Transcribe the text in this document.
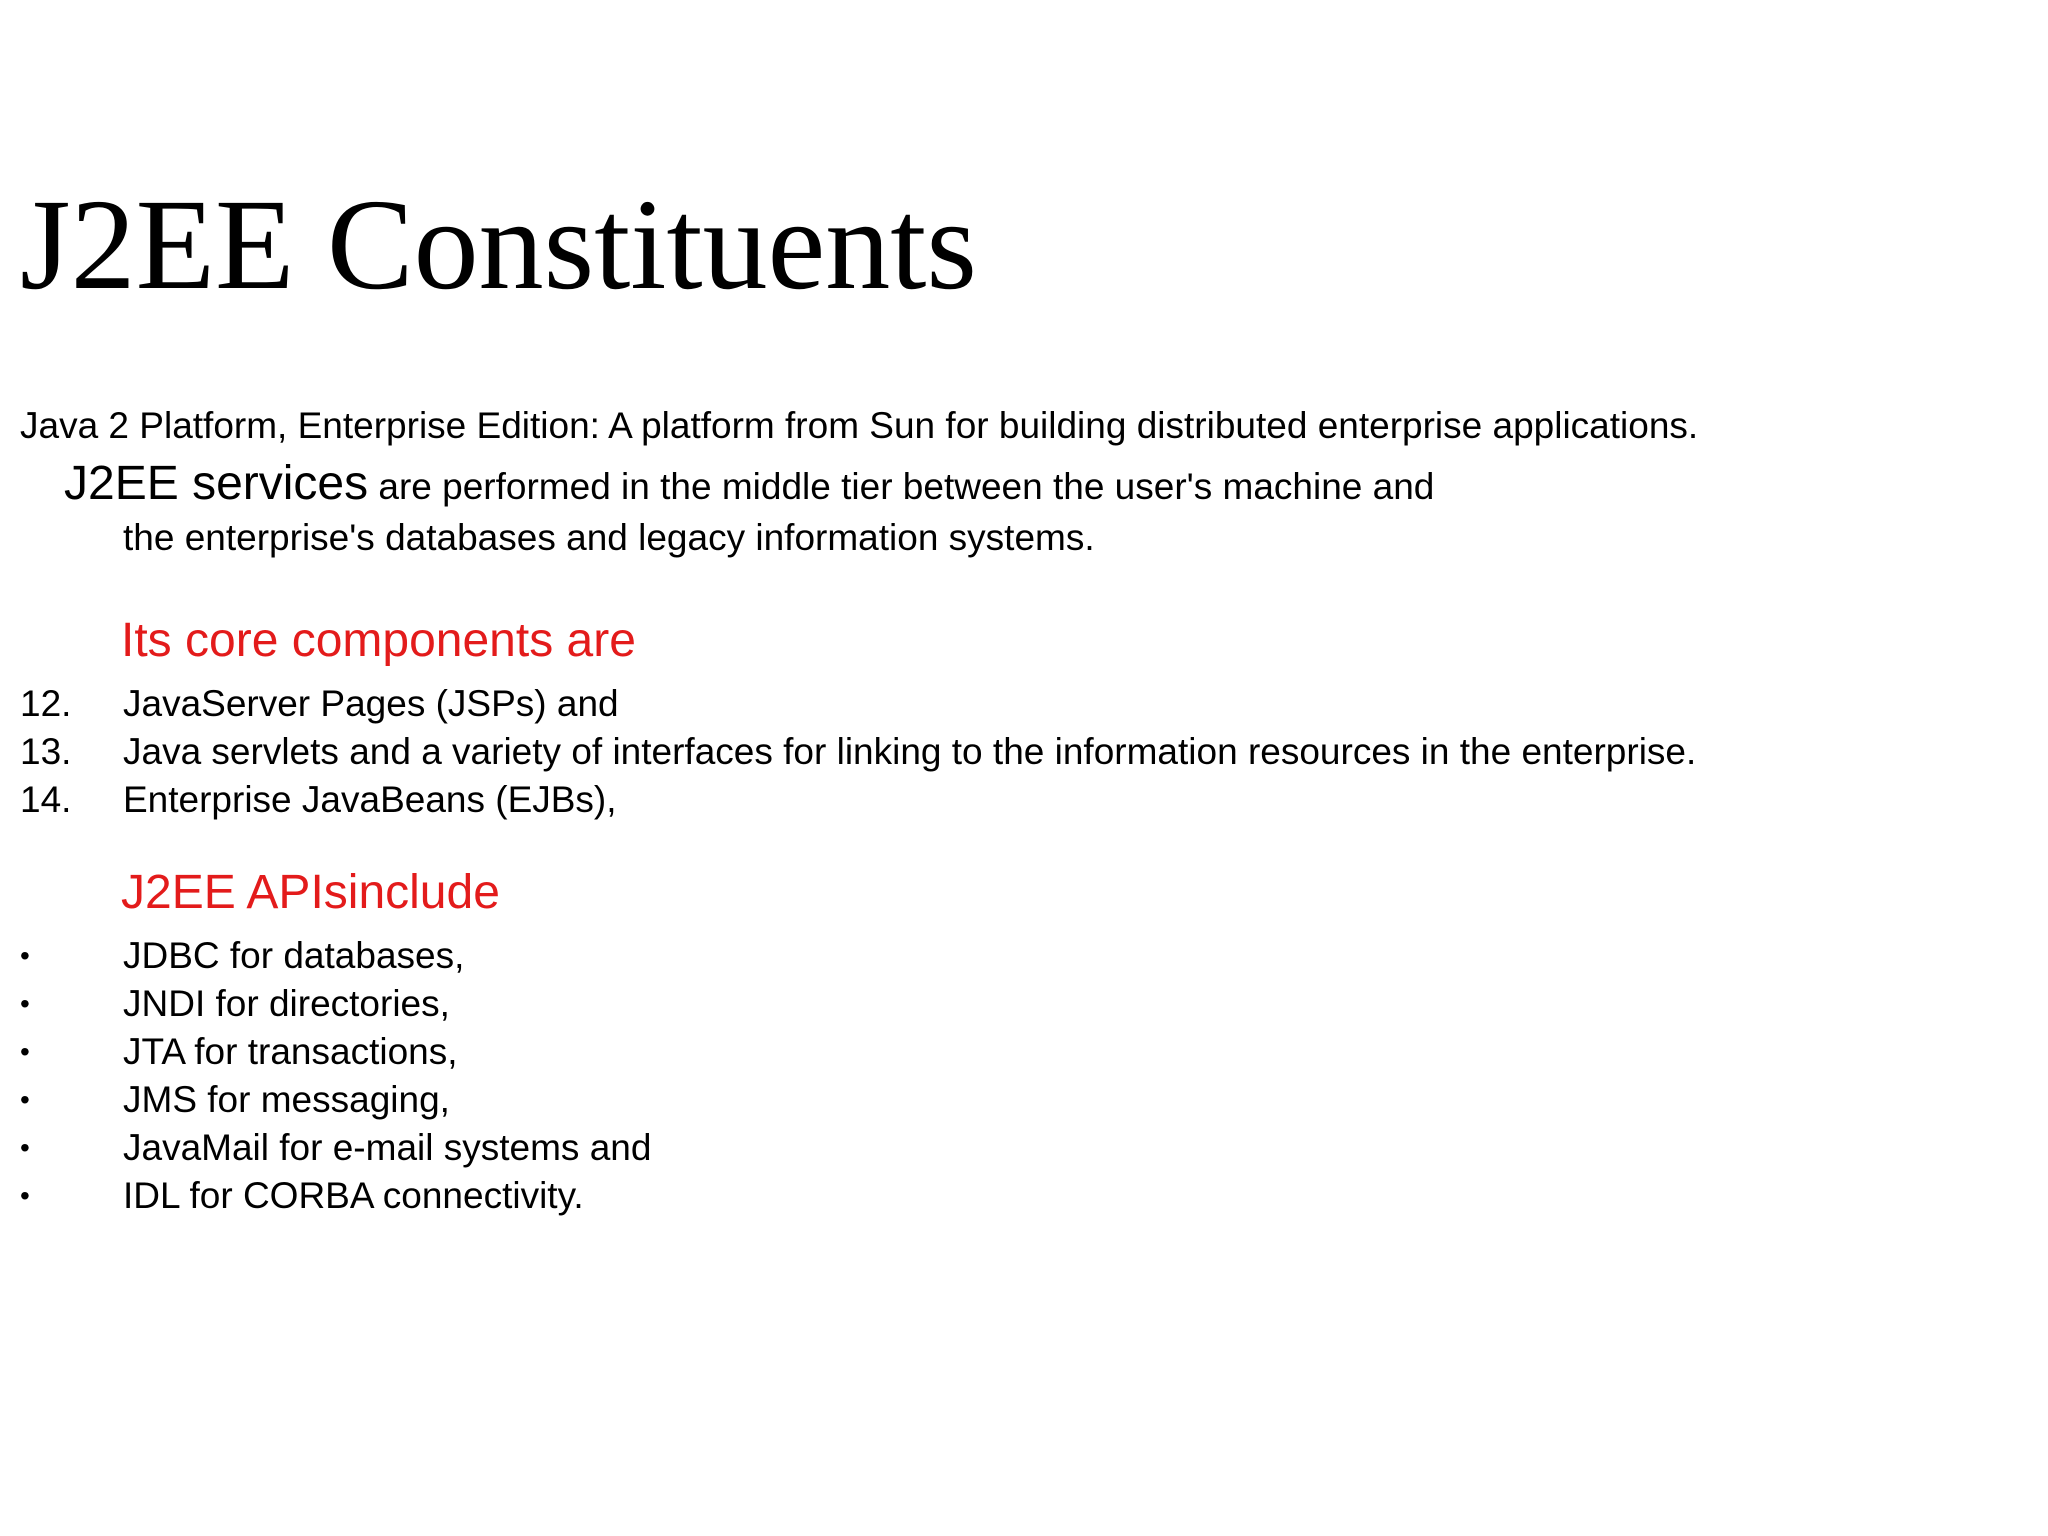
J2EE Constituents
Java 2 Platform, Enterprise Edition: A platform from Sun for building distributed enterprise applications.
J2EE services are performed in the middle tier between the user's machine and
the enterprise's databases and legacy information systems.
Its core components are
12. JavaServer Pages (JSPs) and
13. Java servlets and a variety of interfaces for linking to the information resources in the enterprise.
14. Enterprise JavaBeans (EJBs),
J2EE APIsinclude
•	JDBC for databases,
•	JNDI for directories,
•	JTA for transactions,
•	JMS for messaging,
•	JavaMail for e-mail systems and
•	IDL for CORBA connectivity.
